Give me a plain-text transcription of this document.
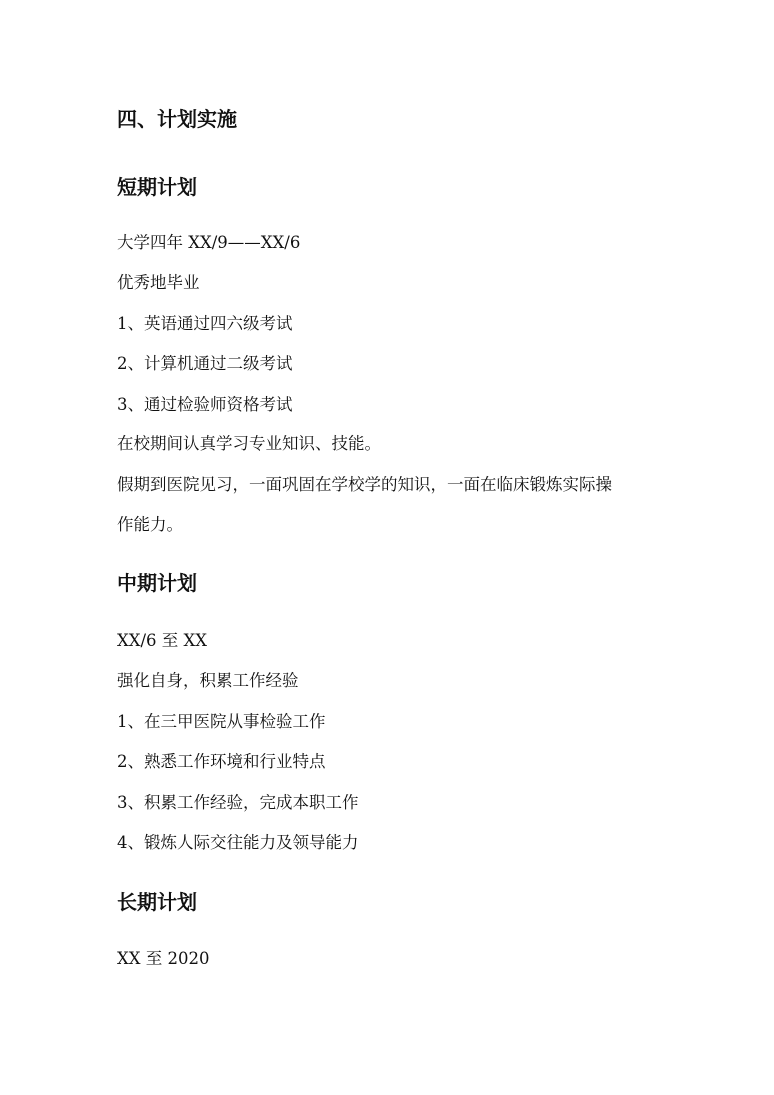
四、计划实施
短期计划
大学四年 XX/9——XX/6
优秀地毕业
1、英语通过四六级考试
2、计算机通过二级考试
3、通过检验师资格考试
在校期间认真学习专业知识、技能。
假期到医院见习，一面巩固在学校学的知识，一面在临床锻炼实际操
作能力。
中期计划
XX/6 至 XX
强化自身，积累工作经验
1、在三甲医院从事检验工作
2、熟悉工作环境和行业特点
3、积累工作经验，完成本职工作
4、锻炼人际交往能力及领导能力
长期计划
XX 至 2020
